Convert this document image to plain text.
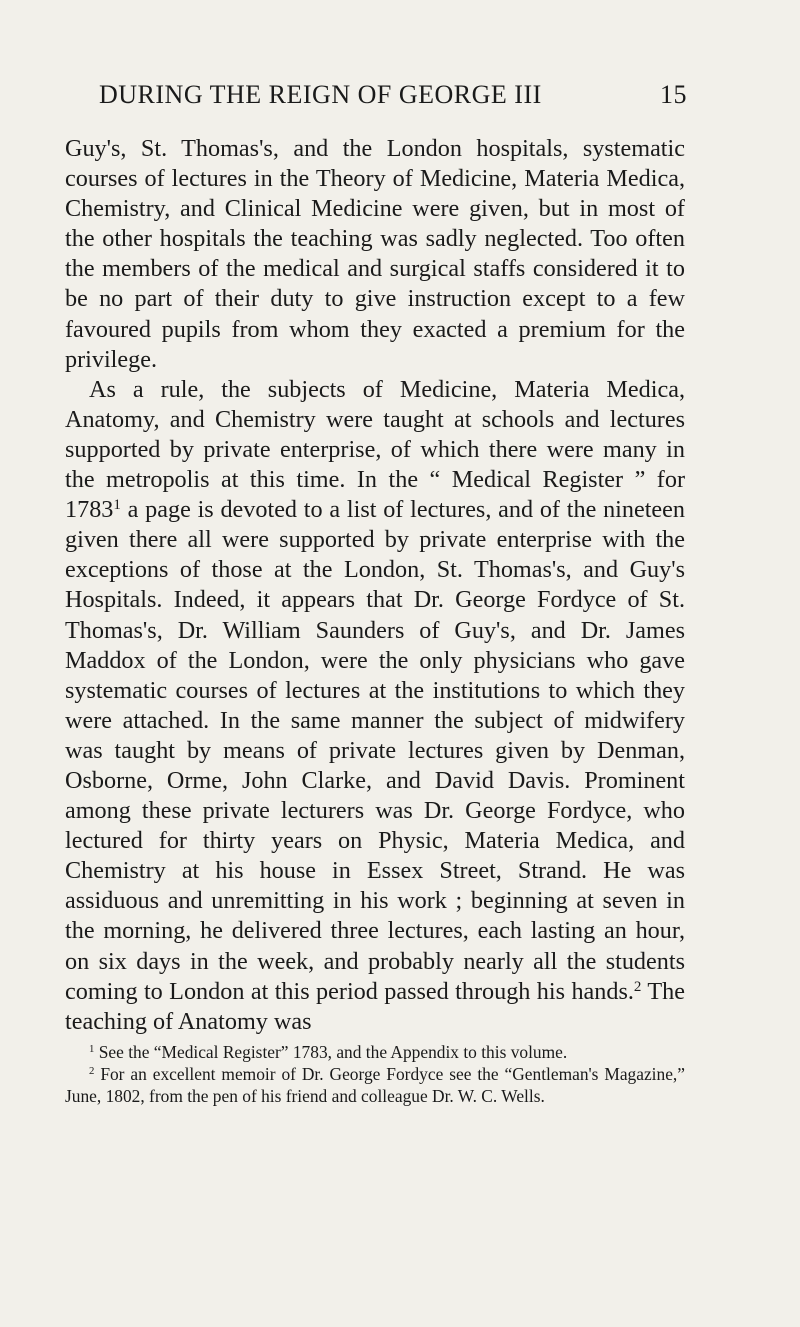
DURING THE REIGN OF GEORGE III	15

Guy's, St. Thomas's, and the London hospitals, systematic courses of lectures in the Theory of Medicine, Materia Medica, Chemistry, and Clinical Medicine were given, but in most of the other hospitals the teaching was sadly neglected. Too often the members of the medical and surgical staffs considered it to be no part of their duty to give instruction except to a few favoured pupils from whom they exacted a premium for the privilege.

As a rule, the subjects of Medicine, Materia Medica, Anatomy, and Chemistry were taught at schools and lectures supported by private enterprise, of which there were many in the metropolis at this time. In the “ Medical Register ” for 1783$^1$ a page is devoted to a list of lectures, and of the nineteen given there all were supported by private enterprise with the exceptions of those at the London, St. Thomas's, and Guy's Hospitals. Indeed, it appears that Dr. George Fordyce of St. Thomas's, Dr. William Saunders of Guy's, and Dr. James Maddox of the London, were the only physicians who gave systematic courses of lectures at the institutions to which they were attached. In the same manner the subject of midwifery was taught by means of private lectures given by Denman, Osborne, Orme, John Clarke, and David Davis. Prominent among these private lecturers was Dr. George Fordyce, who lectured for thirty years on Physic, Materia Medica, and Chemistry at his house in Essex Street, Strand. He was assiduous and unremitting in his work ; beginning at seven in the morning, he delivered three lectures, each lasting an hour, on six days in the week, and probably nearly all the students coming to London at this period passed through his hands.$^2$ The teaching of Anatomy was

$^1$ See the “Medical Register” 1783, and the Appendix to this volume.

$^2$ For an excellent memoir of Dr. George Fordyce see the “Gentleman's Magazine,” June, 1802, from the pen of his friend and colleague Dr. W. C. Wells.
